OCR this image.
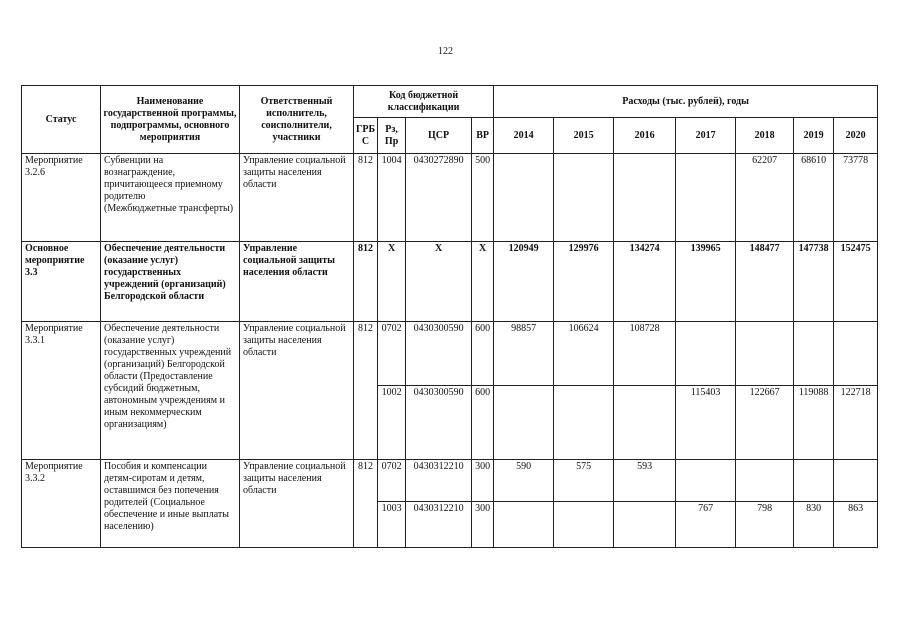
122
Статус	Наименование государственной программы, подпрограммы, основного мероприятия	Ответственный исполнитель, соисполнители, участники	Код бюджетной классификации				Расходы (тыс. рублей), годы						
			ГРБ С	Рз, Пр	ЦСР	ВР	2014	2015	2016	2017	2018	2019	2020

Мероприятие 3.2.6	Субвенции на вознаграждение, причитающееся приемному родителю
(Межбюджетные трансферты)	Управление социальной защиты населения области	812	1004	0430272890	500					62207	68610	73778
Основное мероприятие 3.3	Обеспечение деятельности (оказание услуг) государственных учреждений (организаций) Белгородской области	Управление социальной защиты населения области	812	Х	Х	Х	120949	129976	134274	139965	148477	147738	152475
Мероприятие 3.3.1	Обеспечение деятельности (оказание услуг) государственных учреждений (организаций) Белгородской области (Предоставление субсидий бюджетным, автономным учреждениям и иным некоммерческим организациям)	Управление социальной защиты населения области	812	0702	0430300590	600	98857	106624	108728				
				1002	0430300590	600				115403	122667	119088	122718
Мероприятие 3.3.2	Пособия и компенсации детям-сиротам и детям, оставшимся без попечения родителей (Социальное обеспечение и иные выплаты населению)	Управление социальной защиты населения области	812	0702	0430312210	300	590	575	593				
				1003	0430312210	300				767	798	830	863
